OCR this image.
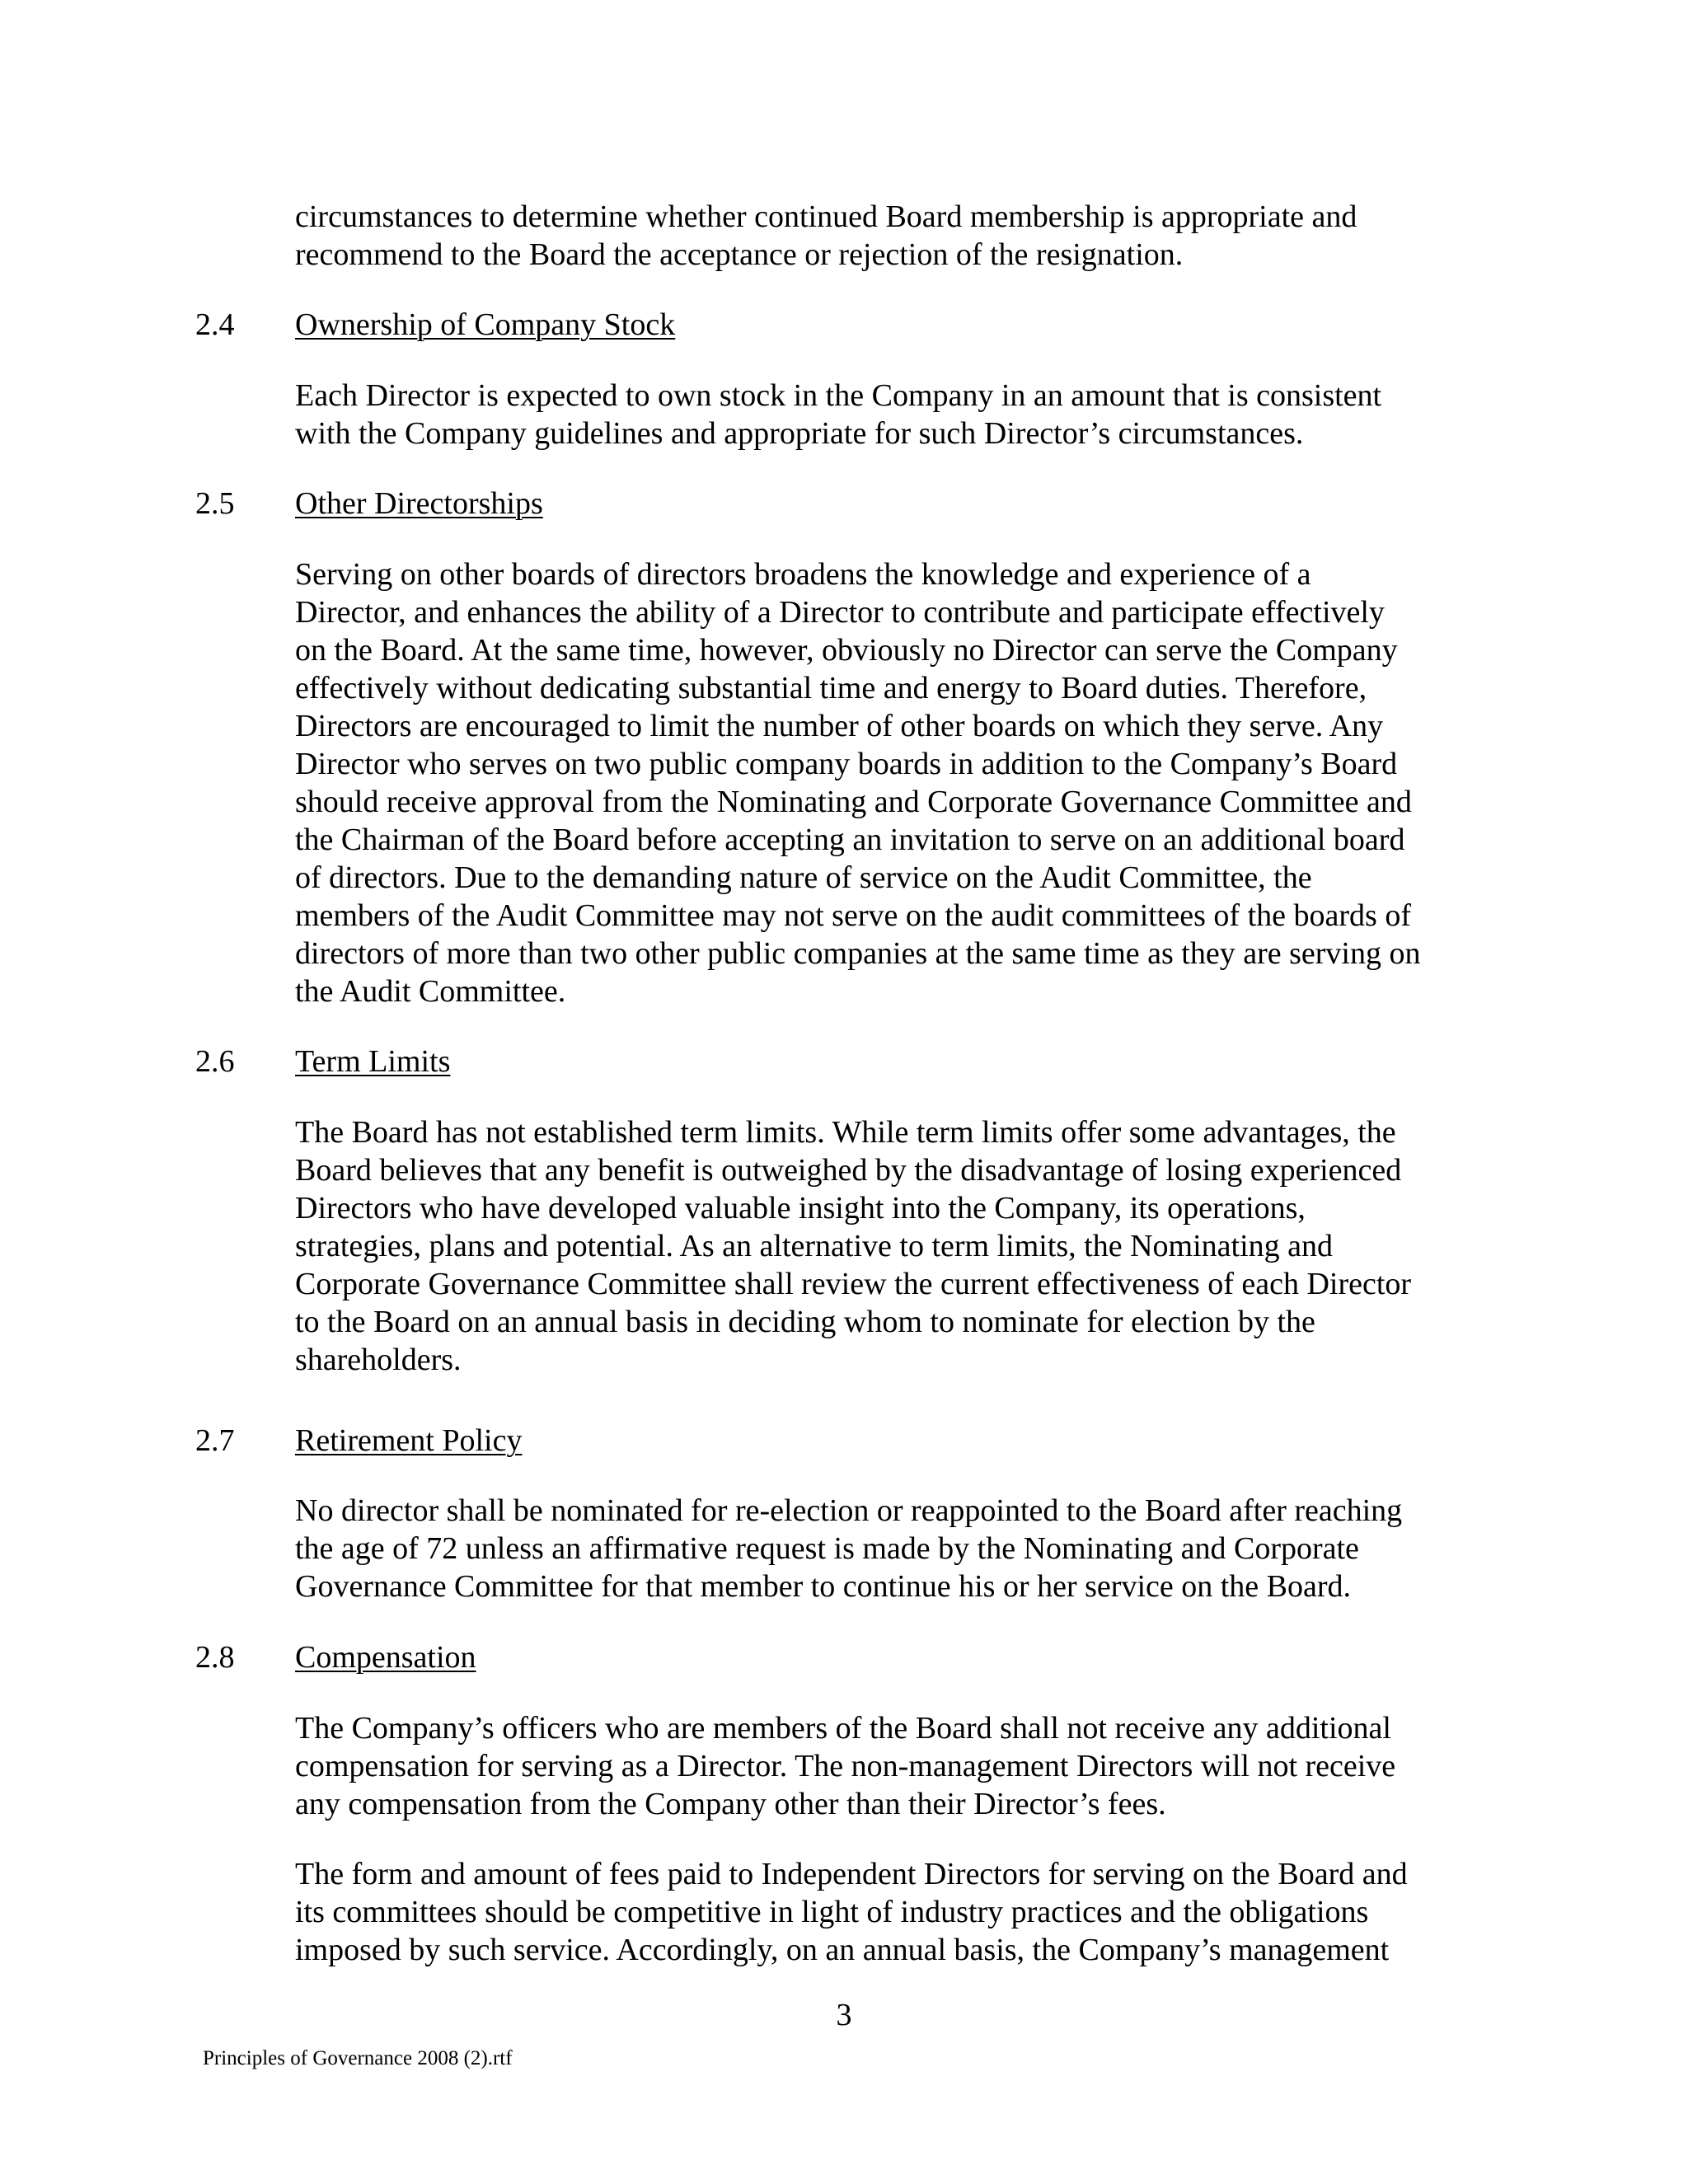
circumstances to determine whether continued Board membership is appropriate and
recommend to the Board the acceptance or rejection of the resignation.
2.4 Ownership of Company Stock
Each Director is expected to own stock in the Company in an amount that is consistent
with the Company guidelines and appropriate for such Director’s circumstances.
2.5 Other Directorships
Serving on other boards of directors broadens the knowledge and experience of a
Director, and enhances the ability of a Director to contribute and participate effectively
on the Board. At the same time, however, obviously no Director can serve the Company
effectively without dedicating substantial time and energy to Board duties. Therefore,
Directors are encouraged to limit the number of other boards on which they serve. Any
Director who serves on two public company boards in addition to the Company’s Board
should receive approval from the Nominating and Corporate Governance Committee and
the Chairman of the Board before accepting an invitation to serve on an additional board
of directors. Due to the demanding nature of service on the Audit Committee, the
members of the Audit Committee may not serve on the audit committees of the boards of
directors of more than two other public companies at the same time as they are serving on
the Audit Committee.
2.6 Term Limits
The Board has not established term limits. While term limits offer some advantages, the
Board believes that any benefit is outweighed by the disadvantage of losing experienced
Directors who have developed valuable insight into the Company, its operations,
strategies, plans and potential. As an alternative to term limits, the Nominating and
Corporate Governance Committee shall review the current effectiveness of each Director
to the Board on an annual basis in deciding whom to nominate for election by the
shareholders.
2.7 Retirement Policy
No director shall be nominated for re-election or reappointed to the Board after reaching
the age of 72 unless an affirmative request is made by the Nominating and Corporate
Governance Committee for that member to continue his or her service on the Board.
2.8 Compensation
The Company’s officers who are members of the Board shall not receive any additional
compensation for serving as a Director. The non-management Directors will not receive
any compensation from the Company other than their Director’s fees.
The form and amount of fees paid to Independent Directors for serving on the Board and
its committees should be competitive in light of industry practices and the obligations
imposed by such service. Accordingly, on an annual basis, the Company’s management
3
Principles of Governance 2008 (2).rtf
